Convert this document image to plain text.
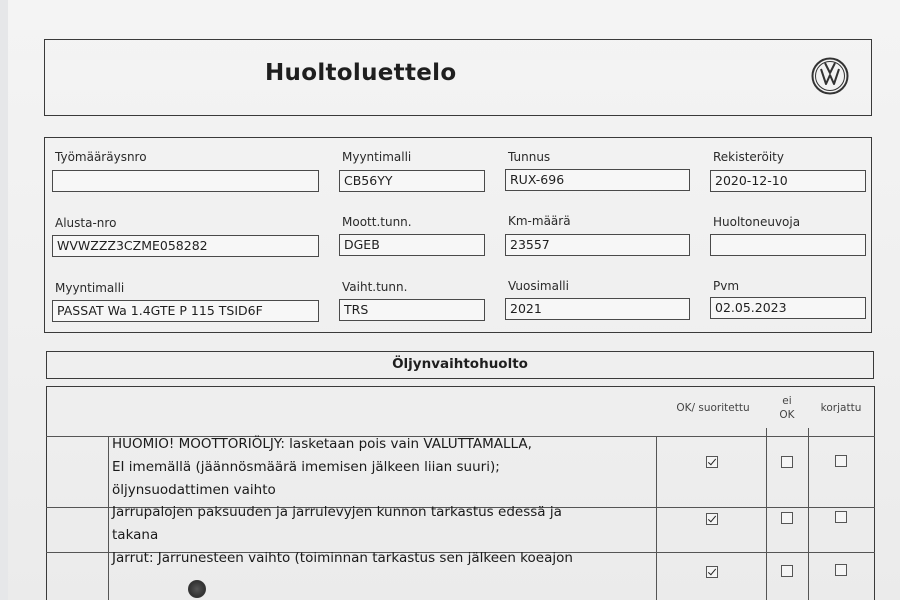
Huoltoluettelo
Työmääräysnro	Myyntimalli
CB56YY
Tunnus
RUX-696
Rekisteröity
2020-12-10
Alusta-nro
WVWZZZ3CZME058282
Moott.tunn.
DGEB
Km-määrä
23557
Huoltoneuvoja
Myyntimalli
PASSAT Wa 1.4GTE P 115 TSID6F
Vaiht.tunn.
TRS
Vuosimalli
2021
Pvm
02.05.2023
Öljynvaihtohuolto
OK/ suoritettu
ei OK
korjattu
HUOMIO! MOOTTORIÖLJY: lasketaan pois vain VALUTTAMALLA,
EI imemällä (jäännösmäärä imemisen jälkeen liian suuri);
öljynsuodattimen vaihto
Jarrupalojen paksuuden ja jarrulevyjen kunnon tarkastus edessä ja
takana
Jarrut: Jarrunesteen vaihto (toiminnan tarkastus sen jälkeen koeajon
